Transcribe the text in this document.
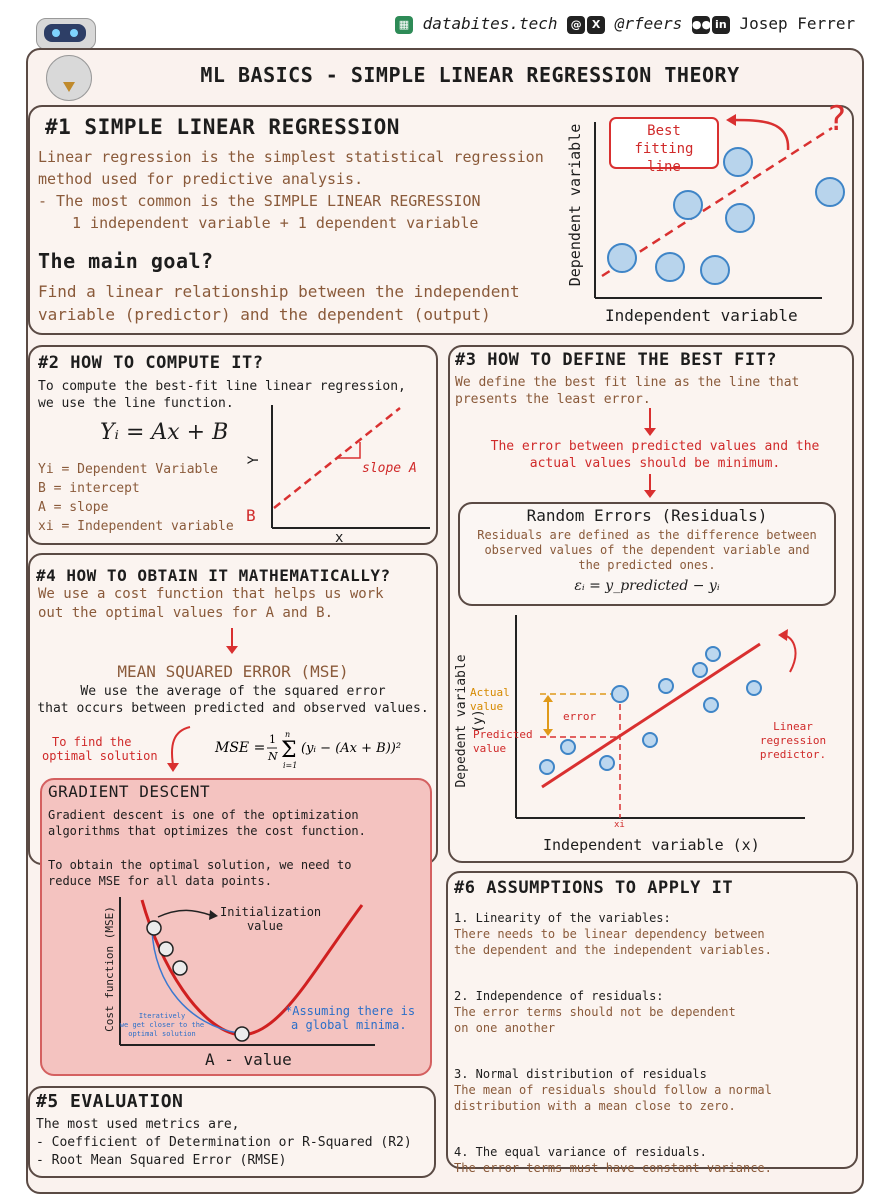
▦ databites.tech @ X @rfeers ●● in Josep Ferrer
ML BASICS - SIMPLE LINEAR REGRESSION THEORY
#1 SIMPLE LINEAR REGRESSION
Linear regression is the simplest statistical regression
method used for predictive analysis.
- The most common is the SIMPLE LINEAR REGRESSION
1 independent variable + 1 dependent variable
The main goal?
Find a linear relationship between the independent
variable (predictor) and the dependent (output)
?
Best fitting line
Dependent variable
Independent variable
#2 HOW TO COMPUTE IT?
To compute the best-fit line linear regression,
we use the line function.
Yᵢ = Ax + B
Yi = Dependent Variable
B = intercept
A = slope
xi = Independent variable
Y
x
slope A
B
#3 HOW TO DEFINE THE BEST FIT?
We define the best fit line as the line that
presents the least error.
The error between predicted values and the
actual values should be minimum.
Random Errors (Residuals)
Residuals are defined as the difference between
observed values of the dependent variable and
the predicted ones.
εᵢ = y_predicted − yᵢ
Actual value
Predicted value
error
xi
Linear regression predictor.
Depedent variable (y)
Independent variable (x)
#4 HOW TO OBTAIN IT MATHEMATICALLY?
We use a cost function that helps us work
out the optimal values for A and B.
MEAN SQUARED ERROR (MSE)
We use the average of the squared error
that occurs between predicted and observed values.
To find the
optimal solution	MSE =
1
N Σ
n
i=1
(yᵢ − (Ax + B))²
GRADIENT DESCENT
Gradient descent is one of the optimization
algorithms that optimizes the cost function.
To obtain the optimal solution, we need to
reduce MSE for all data points.
Initialization value
Iteratively
we get closer to the
optimal solution
*Assuming there is
a global minima.
Cost function (MSE)
A - value
#5 EVALUATION
The most used metrics are,
- Coefficient of Determination or R-Squared (R2)
- Root Mean Squared Error (RMSE)
#6 ASSUMPTIONS TO APPLY IT
1. Linearity of the variables:
There needs to be linear dependency between
the dependent and the independent variables.
2. Independence of residuals:
The error terms should not be dependent
on one another
3. Normal distribution of residuals
The mean of residuals should follow a normal
distribution with a mean close to zero.
4. The equal variance of residuals.
The error terms must have constant variance.
